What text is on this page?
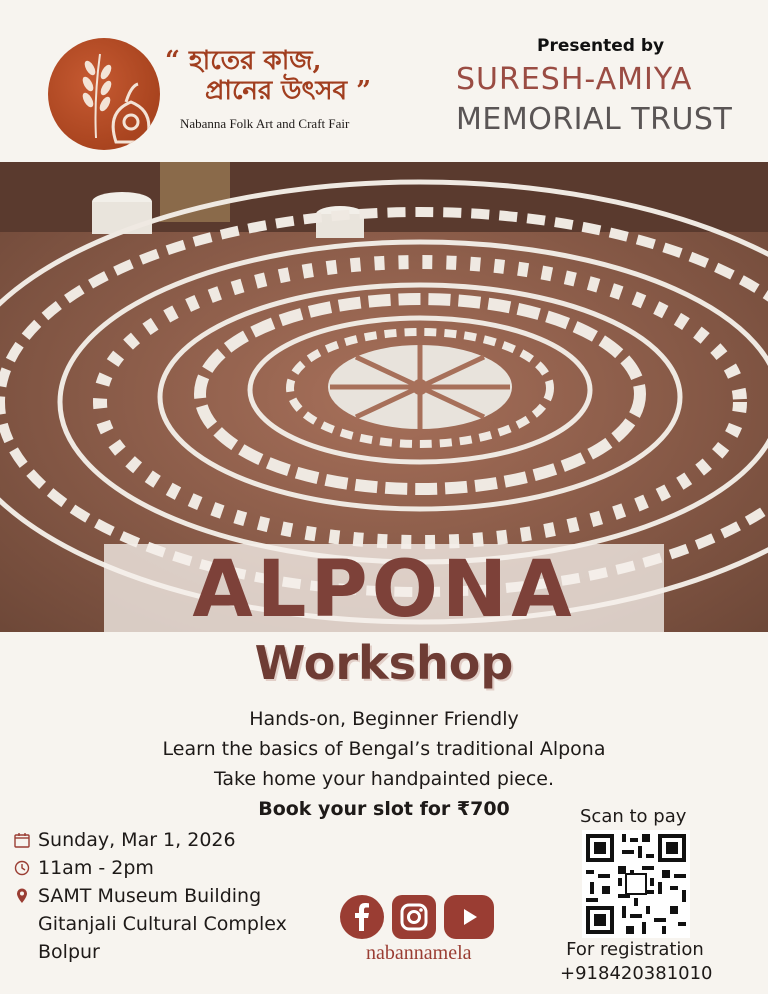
“ হাতের কাজ,
প্রানের উৎসব ”
Nabanna Folk Art and Craft Fair
Presented by
SURESH-AMIYA
MEMORIAL TRUST
ALPONA
Workshop
Hands-on, Beginner Friendly
Learn the basics of Bengal’s traditional Alpona
Take home your handpainted piece.
Book your slot for ₹700
Sunday, Mar 1, 2026
11am - 2pm
SAMT Museum Building
Gitanjali Cultural Complex
Bolpur	nabannamela
Scan to pay
For registration
+918420381010
